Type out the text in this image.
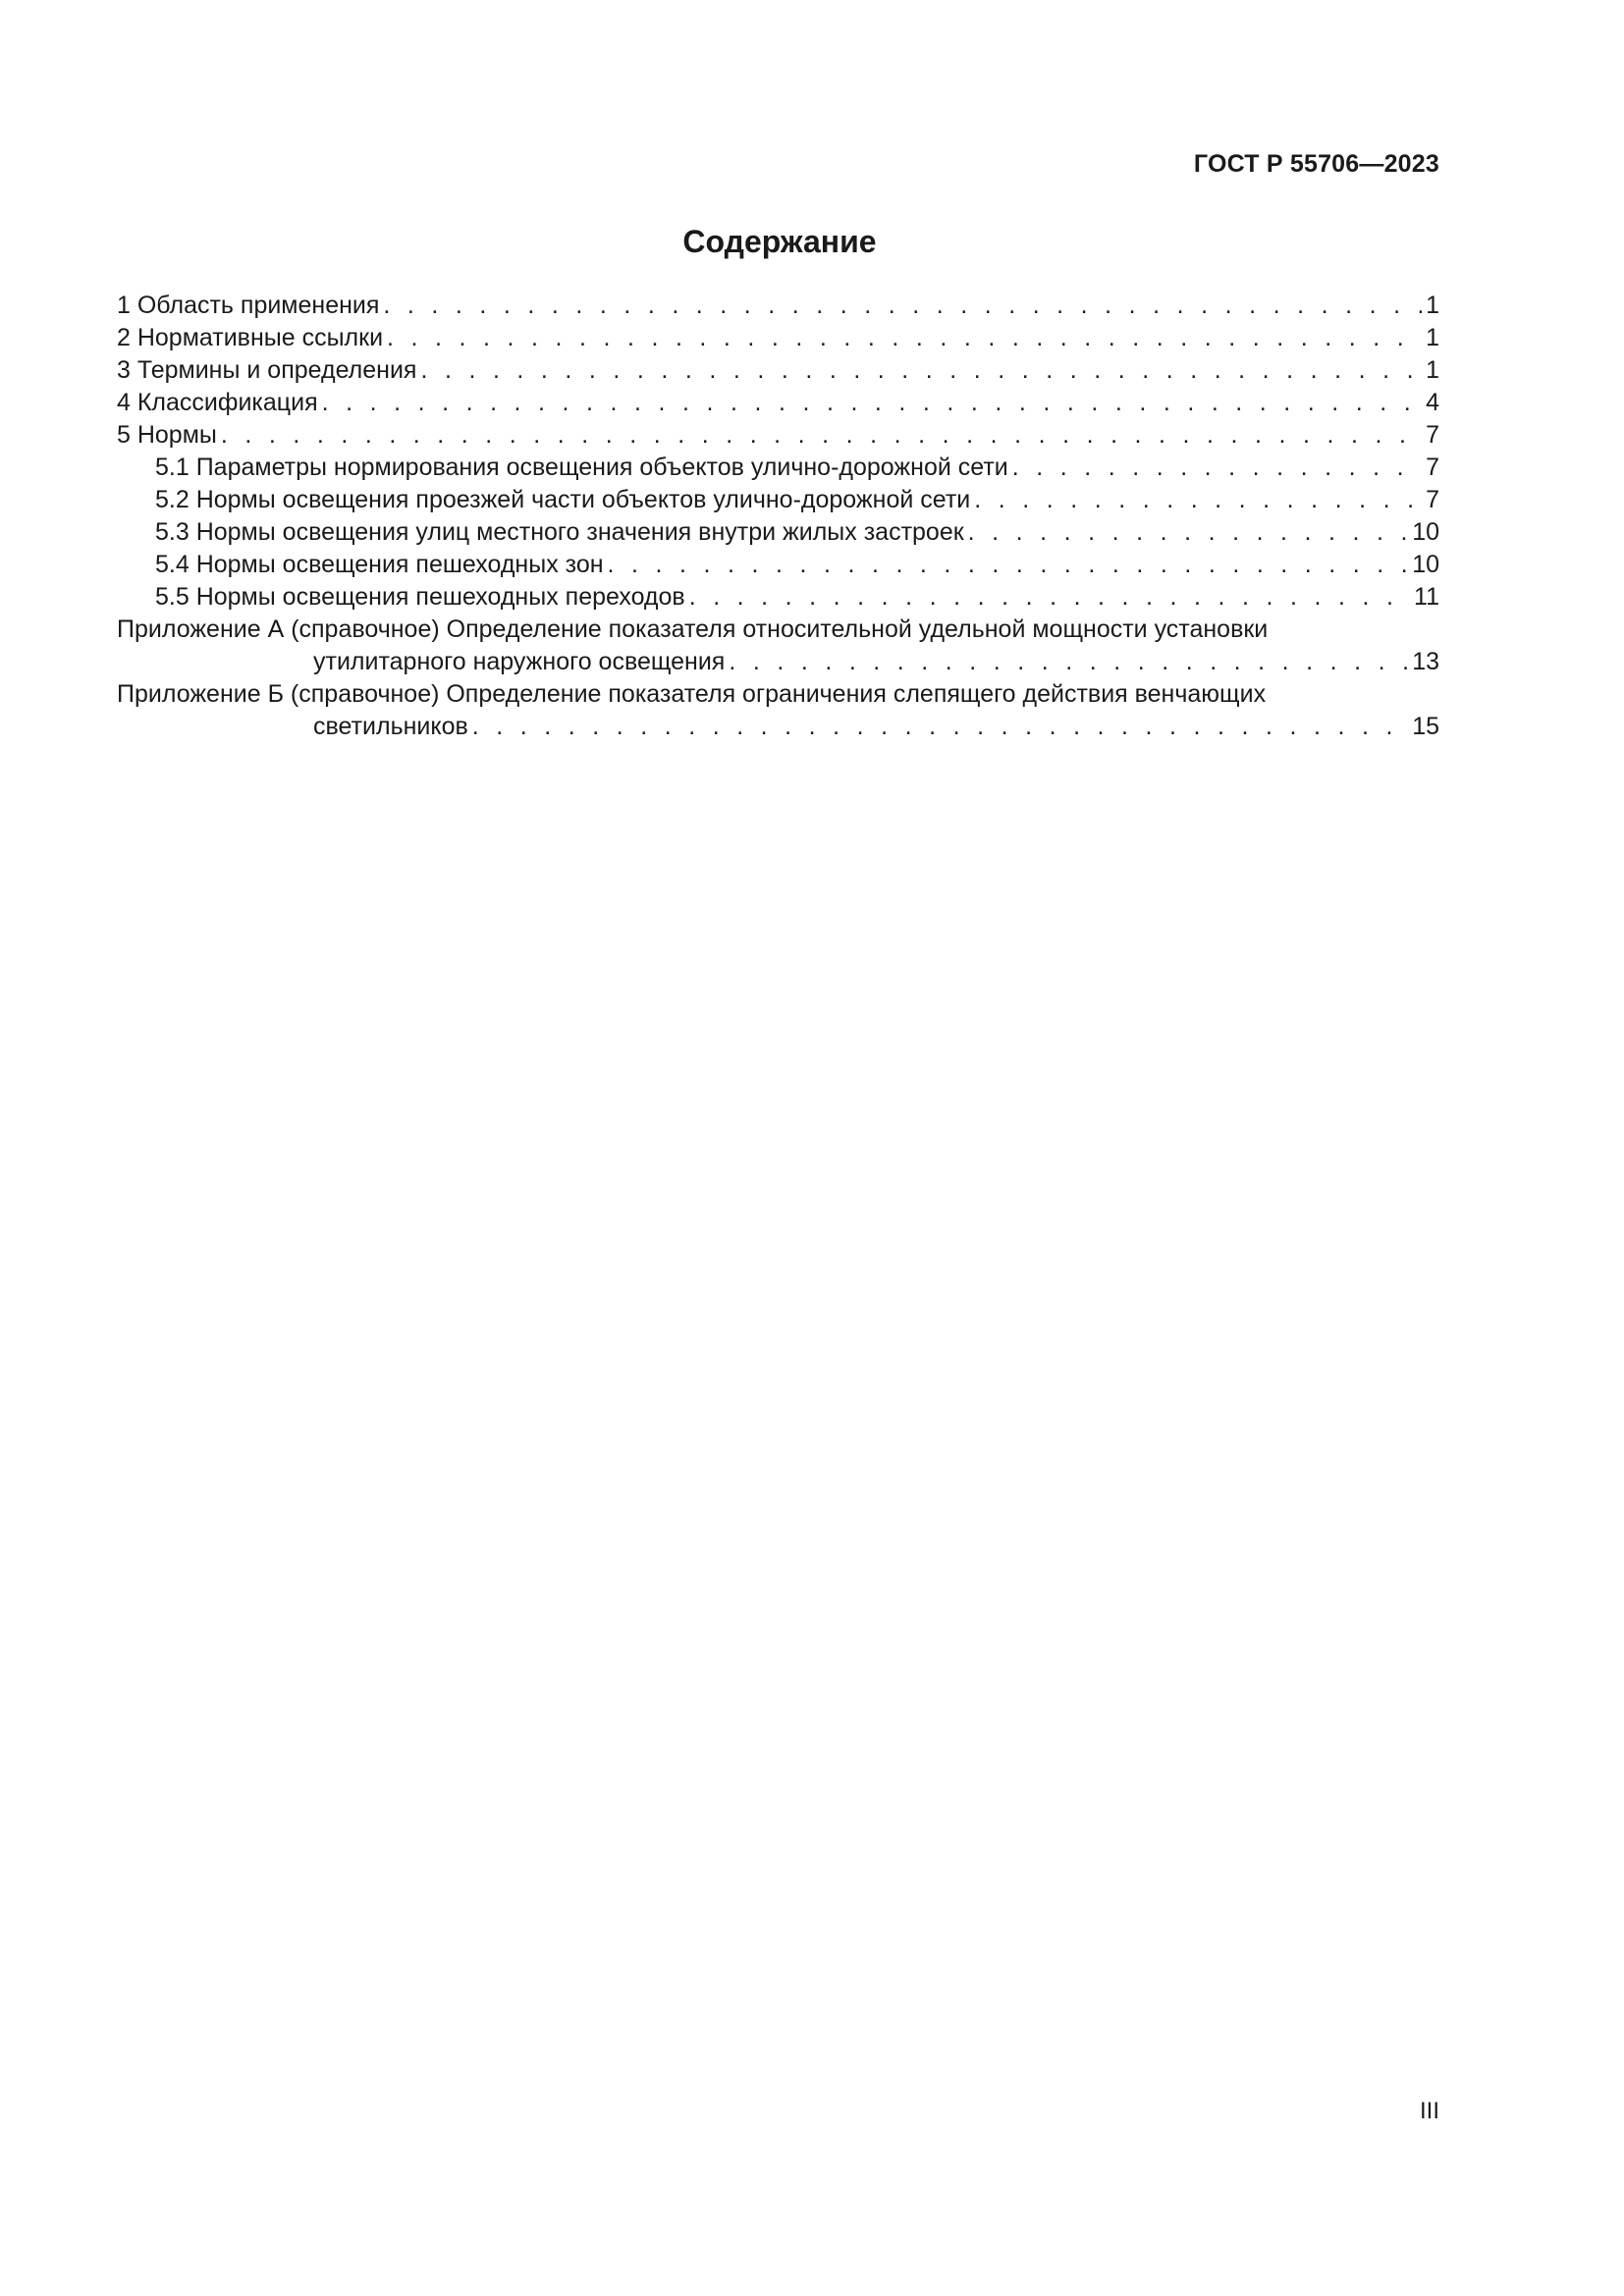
ГОСТ Р 55706—2023
Содержание
1 Область применения . . .	1
2 Нормативные ссылки . . .	1
3 Термины и определения . . .	1
4 Классификация . . .	4
5 Нормы . . .	7
5.1 Параметры нормирования освещения объектов улично-дорожной сети . . .	7
5.2 Нормы освещения проезжей части объектов улично-дорожной сети . . .	7
5.3 Нормы освещения улиц местного значения внутри жилых застроек . . .	10
5.4 Нормы освещения пешеходных зон . . .	10
5.5 Нормы освещения пешеходных переходов . . .	11
Приложение А (справочное) Определение показателя относительной удельной мощности установки
утилитарного наружного освещения . . .	13
Приложение Б (справочное) Определение показателя ограничения слепящего действия венчающих
светильников . . .	15
III
